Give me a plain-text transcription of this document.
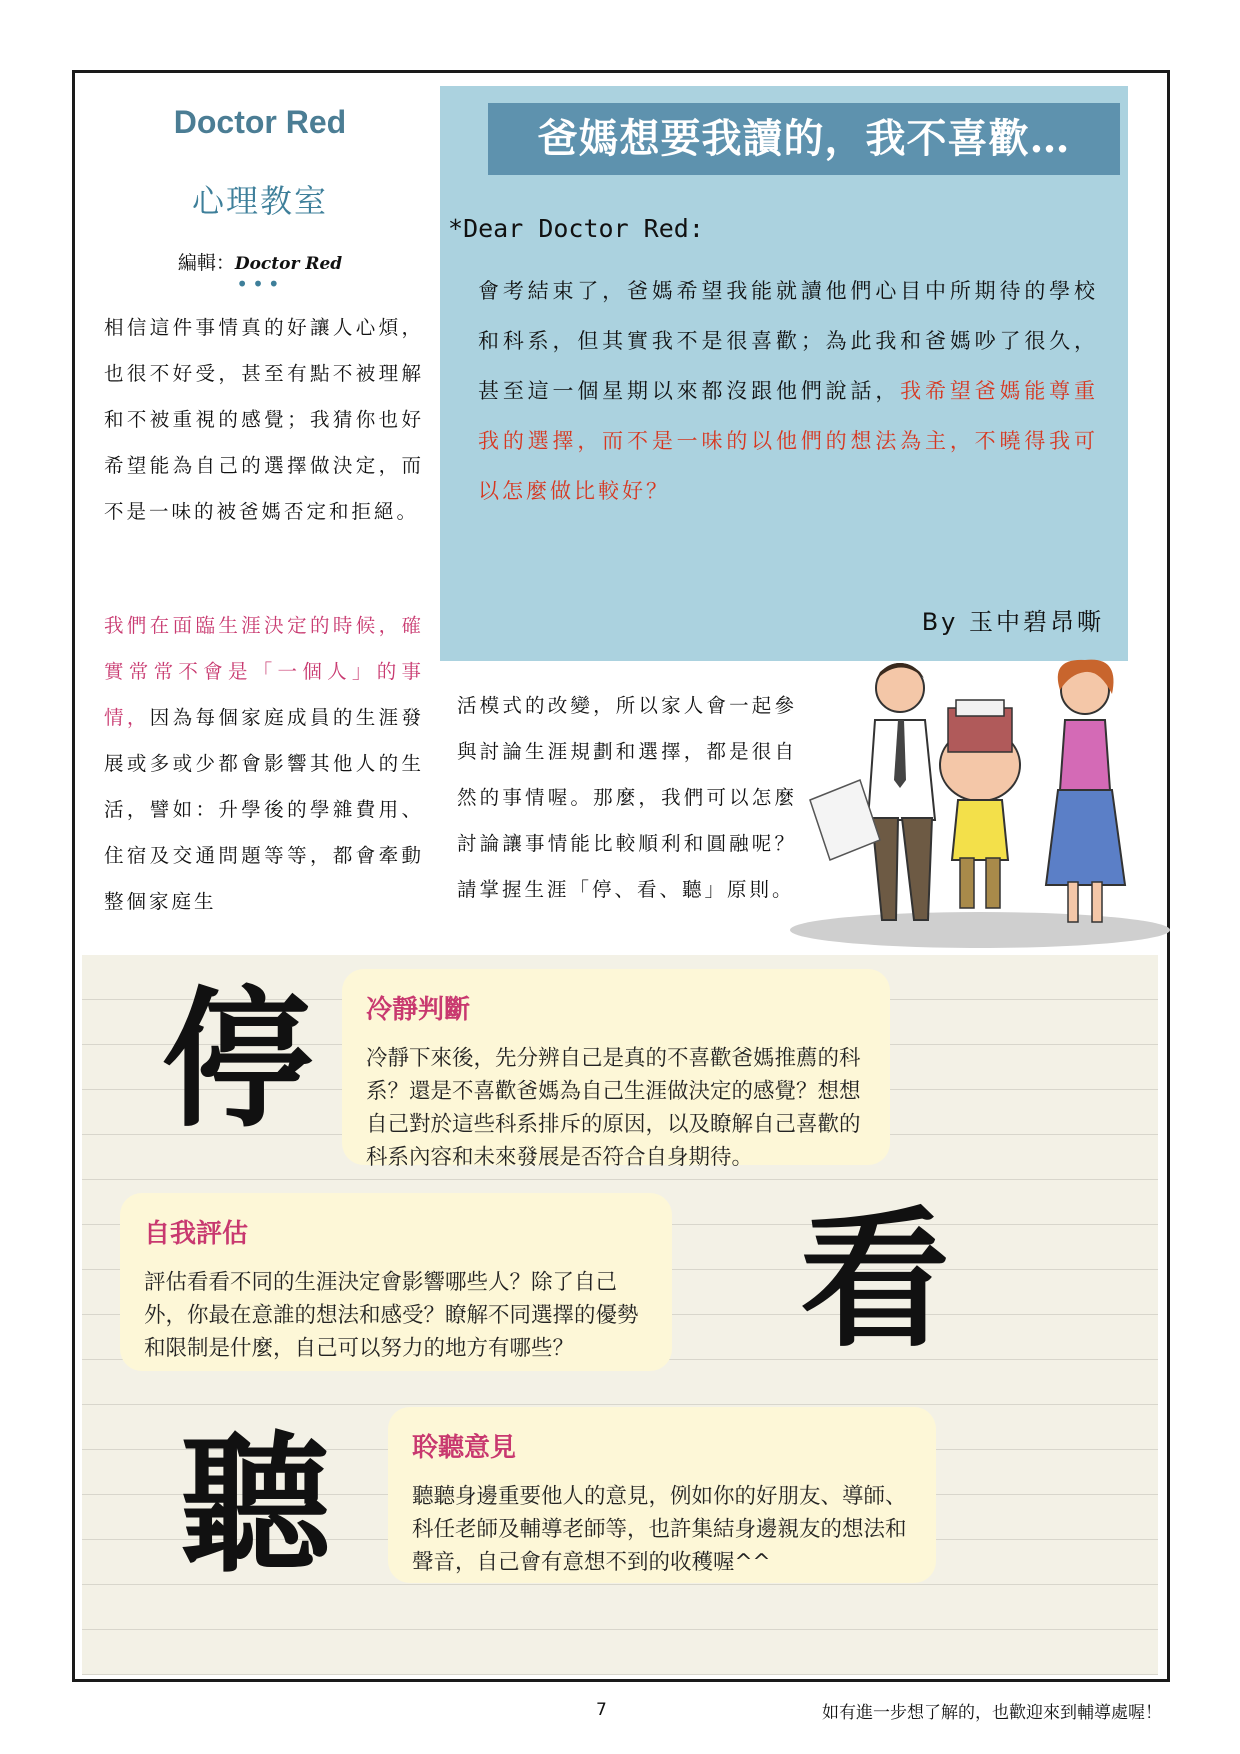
Doctor Red
心理教室
編輯：Doctor Red
•••
相信這件事情真的好讓人心煩，也很不好受，甚至有點不被理解和不被重視的感覺；我猜你也好希望能為自己的選擇做決定，而不是一味的被爸媽否定和拒絕。
我們在面臨生涯決定的時候，確實常常不會是「一個人」的事情，因為每個家庭成員的生涯發展或多或少都會影響其他人的生活，譬如：升學後的學雜費用、住宿及交通問題等等，都會牽動整個家庭生
活模式的改變，所以家人會一起參與討論生涯規劃和選擇，都是很自然的事情喔。那麼，我們可以怎麼討論讓事情能比較順利和圓融呢？請掌握生涯「停、看、聽」原則。
爸媽想要我讀的，我不喜歡…
*Dear Doctor Red:
會考結束了，爸媽希望我能就讀他們心目中所期待的學校和科系，但其實我不是很喜歡；為此我和爸媽吵了很久，甚至這一個星期以來都沒跟他們說話，我希望爸媽能尊重我的選擇，而不是一味的以他們的想法為主，不曉得我可以怎麼做比較好？
By 玉中碧昂嘶
停 冷靜判斷
冷靜下來後，先分辨自己是真的不喜歡爸媽推薦的科系？還是不喜歡爸媽為自己生涯做決定的感覺？想想自己對於這些科系排斥的原因，以及瞭解自己喜歡的科系內容和未來發展是否符合自身期待。
自我評估
評估看看不同的生涯決定會影響哪些人？除了自己外，你最在意誰的想法和感受？瞭解不同選擇的優勢和限制是什麼，自己可以努力的地方有哪些？	看
聽	聆聽意見
聽聽身邊重要他人的意見，例如你的好朋友、導師、科任老師及輔導老師等，也許集結身邊親友的想法和聲音，自己會有意想不到的收穫喔^^
7	如有進一步想了解的，也歡迎來到輔導處喔！
